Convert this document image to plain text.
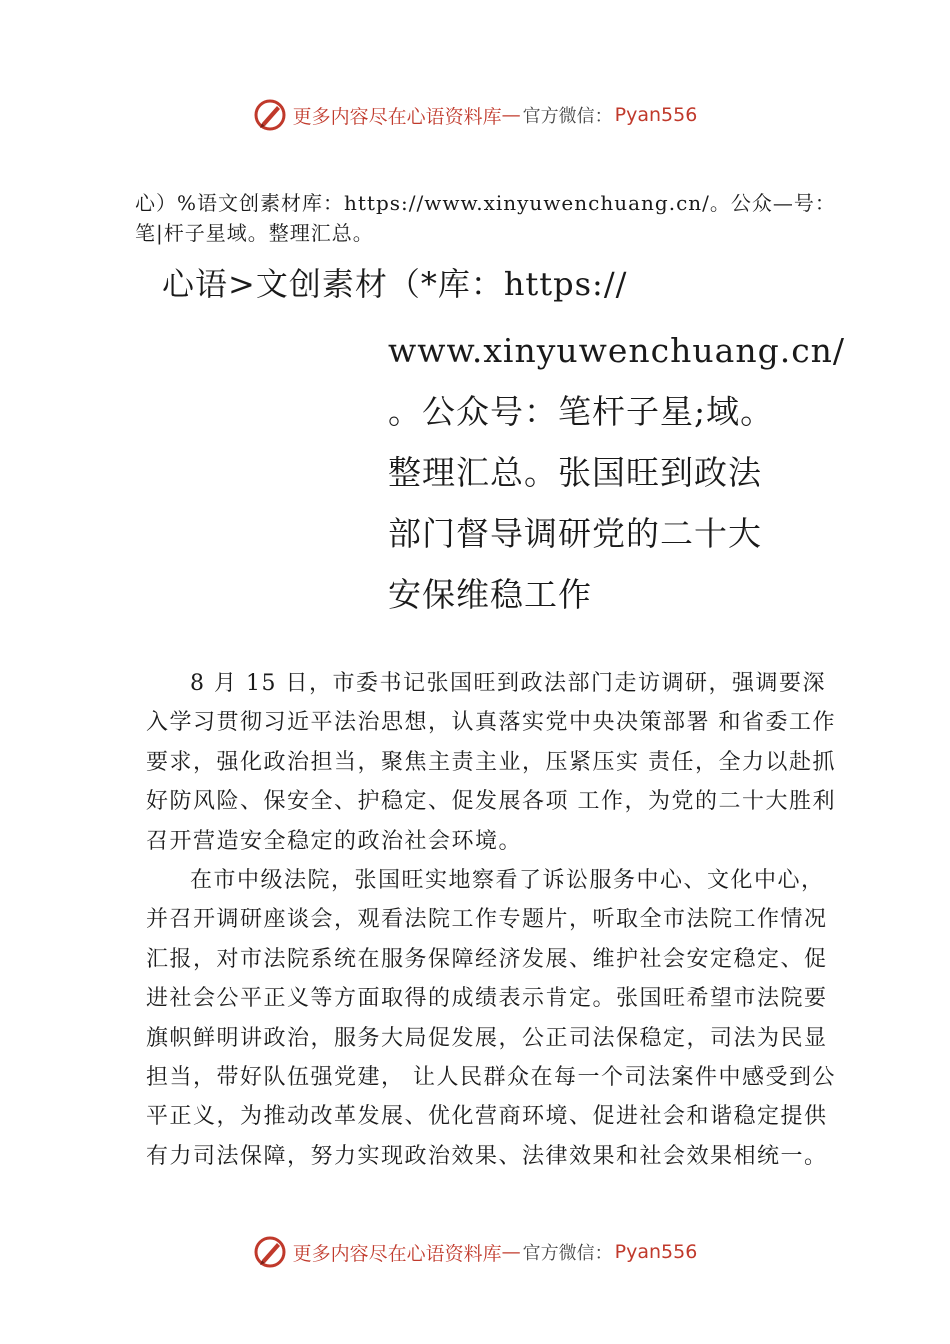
更多内容尽在心语资料库 — 官方微信： Pyan556
心）%语文创素材库：https://www.xinyuwenchuang.cn/。公众—号：笔|杆子星域。整理汇总。
心语>文创素材（*库：https://
www.xinyuwenchuang.cn/
。公众号：笔杆子星;域。
整理汇总。张国旺到政法
部门督导调研党的二十大
安保维稳工作

8 月 15 日，市委书记张国旺到政法部门走访调研，强调要深入学习贯彻习近平法治思想，认真落实党中央决策部署 和省委工作要求，强化政治担当，聚焦主责主业，压紧压实 责任，全力以赴抓好防风险、保安全、护稳定、促发展各项 工作，为党的二十大胜利召开营造安全稳定的政治社会环境。

在市中级法院，张国旺实地察看了诉讼服务中心、文化中心，并召开调研座谈会，观看法院工作专题片，听取全市法院工作情况汇报，对市法院系统在服务保障经济发展、维护社会安定稳定、促进社会公平正义等方面取得的成绩表示肯定。张国旺希望市法院要旗帜鲜明讲政治，服务大局促发展，公正司法保稳定，司法为民显担当，带好队伍强党建， 让人民群众在每一个司法案件中感受到公平正义，为推动改革发展、优化营商环境、促进社会和谐稳定提供有力司法保障，努力实现政治效果、法律效果和社会效果相统一。

更多内容尽在心语资料库 — 官方微信： Pyan556
